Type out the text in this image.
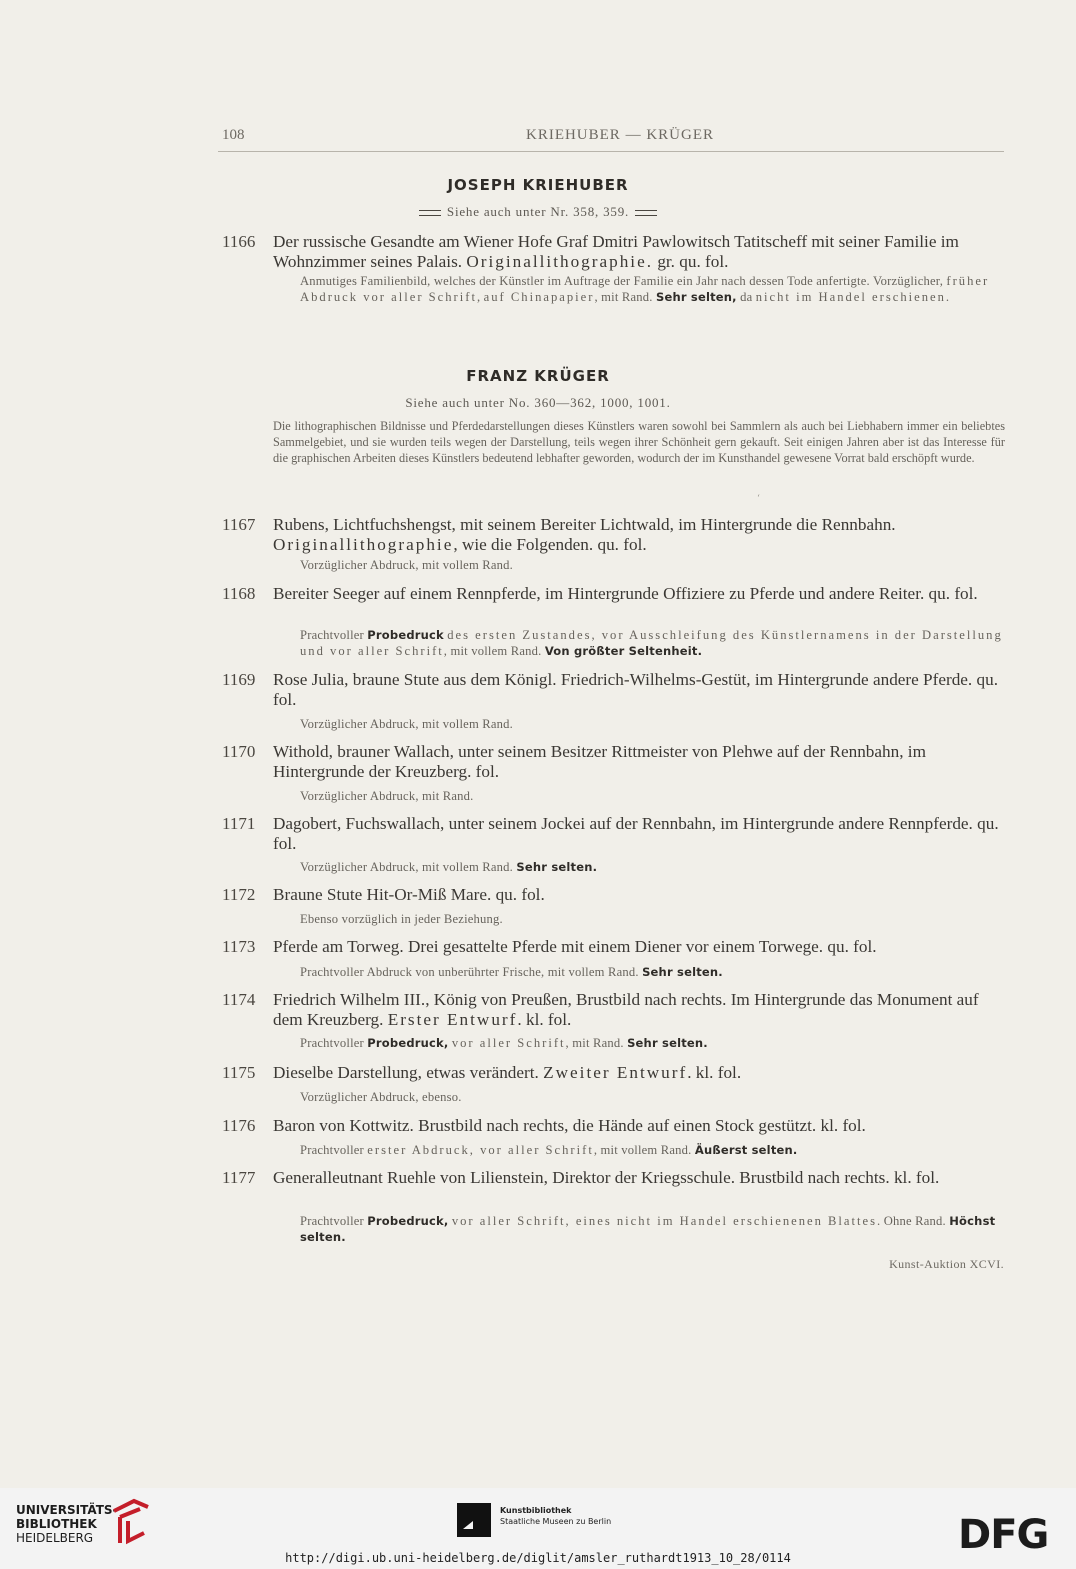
108	KRIEHUBER — KRÜGER
JOSEPH KRIEHUBER
Siehe auch unter Nr. 358, 359.
1166 Der russische Gesandte am Wiener Hofe Graf Dmitri Pawlowitsch Tatitscheff mit seiner Familie im Wohnzimmer seines Palais. Originallithographie. gr. qu. fol.
Anmutiges Familienbild, welches der Künstler im Auftrage der Familie ein Jahr nach dessen Tode anfertigte. Vorzüglicher, früher Abdruck vor aller Schrift, auf Chinapapier, mit Rand. Sehr selten, da nicht im Handel erschienen.
FRANZ KRÜGER
Siehe auch unter No. 360—362, 1000, 1001.
Die lithographischen Bildnisse und Pferdedarstellungen dieses Künstlers waren sowohl bei Sammlern als auch bei Liebhabern immer ein beliebtes Sammelgebiet, und sie wurden teils wegen der Darstellung, teils wegen ihrer Schönheit gern gekauft. Seit einigen Jahren aber ist das Interesse für die graphischen Arbeiten dieses Künstlers bedeutend lebhafter geworden, wodurch der im Kunsthandel gewesene Vorrat bald erschöpft wurde.
ʻ
1167 Rubens, Lichtfuchshengst, mit seinem Bereiter Lichtwald, im Hintergrunde die Rennbahn. Originallithographie, wie die Folgenden. qu. fol.
Vorzüglicher Abdruck, mit vollem Rand.
1168 Bereiter Seeger auf einem Rennpferde, im Hintergrunde Offiziere zu Pferde und andere Reiter. qu. fol.
Prachtvoller Probedruck des ersten Zustandes, vor Ausschleifung des Künstlernamens in der Darstellung und vor aller Schrift, mit vollem Rand. Von größter Seltenheit.
1169 Rose Julia, braune Stute aus dem Königl. Friedrich-Wilhelms-Gestüt, im Hintergrunde andere Pferde. qu. fol.
Vorzüglicher Abdruck, mit vollem Rand.
1170 Withold, brauner Wallach, unter seinem Besitzer Rittmeister von Plehwe auf der Rennbahn, im Hintergrunde der Kreuzberg. fol.
Vorzüglicher Abdruck, mit Rand.
1171 Dagobert, Fuchswallach, unter seinem Jockei auf der Rennbahn, im Hintergrunde andere Rennpferde. qu. fol.
Vorzüglicher Abdruck, mit vollem Rand. Sehr selten.
1172 Braune Stute Hit-Or-Miß Mare. qu. fol.
Ebenso vorzüglich in jeder Beziehung.
1173 Pferde am Torweg. Drei gesattelte Pferde mit einem Diener vor einem Torwege. qu. fol.
Prachtvoller Abdruck von unberührter Frische, mit vollem Rand. Sehr selten.
1174 Friedrich Wilhelm III., König von Preußen, Brustbild nach rechts. Im Hintergrunde das Monument auf dem Kreuzberg. Erster Entwurf. kl. fol.
Prachtvoller Probedruck, vor aller Schrift, mit Rand. Sehr selten.
1175 Dieselbe Darstellung, etwas verändert. Zweiter Entwurf. kl. fol.
Vorzüglicher Abdruck, ebenso.
1176 Baron von Kottwitz. Brustbild nach rechts, die Hände auf einen Stock gestützt. kl. fol.
Prachtvoller erster Abdruck, vor aller Schrift, mit vollem Rand. Äußerst selten.
1177 Generalleutnant Ruehle von Lilienstein, Direktor der Kriegsschule. Brustbild nach rechts. kl. fol.
Prachtvoller Probedruck, vor aller Schrift, eines nicht im Handel erschienenen Blattes. Ohne Rand. Höchst selten.
Kunst-Auktion XCVI.
UNIVERSITÄTS-
BIBLIOTHEK
HEIDELBERG
Kunstbibliothek
Staatliche Museen zu Berlin	DFG
http://digi.ub.uni-heidelberg.de/diglit/amsler_ruthardt1913_10_28/0114
